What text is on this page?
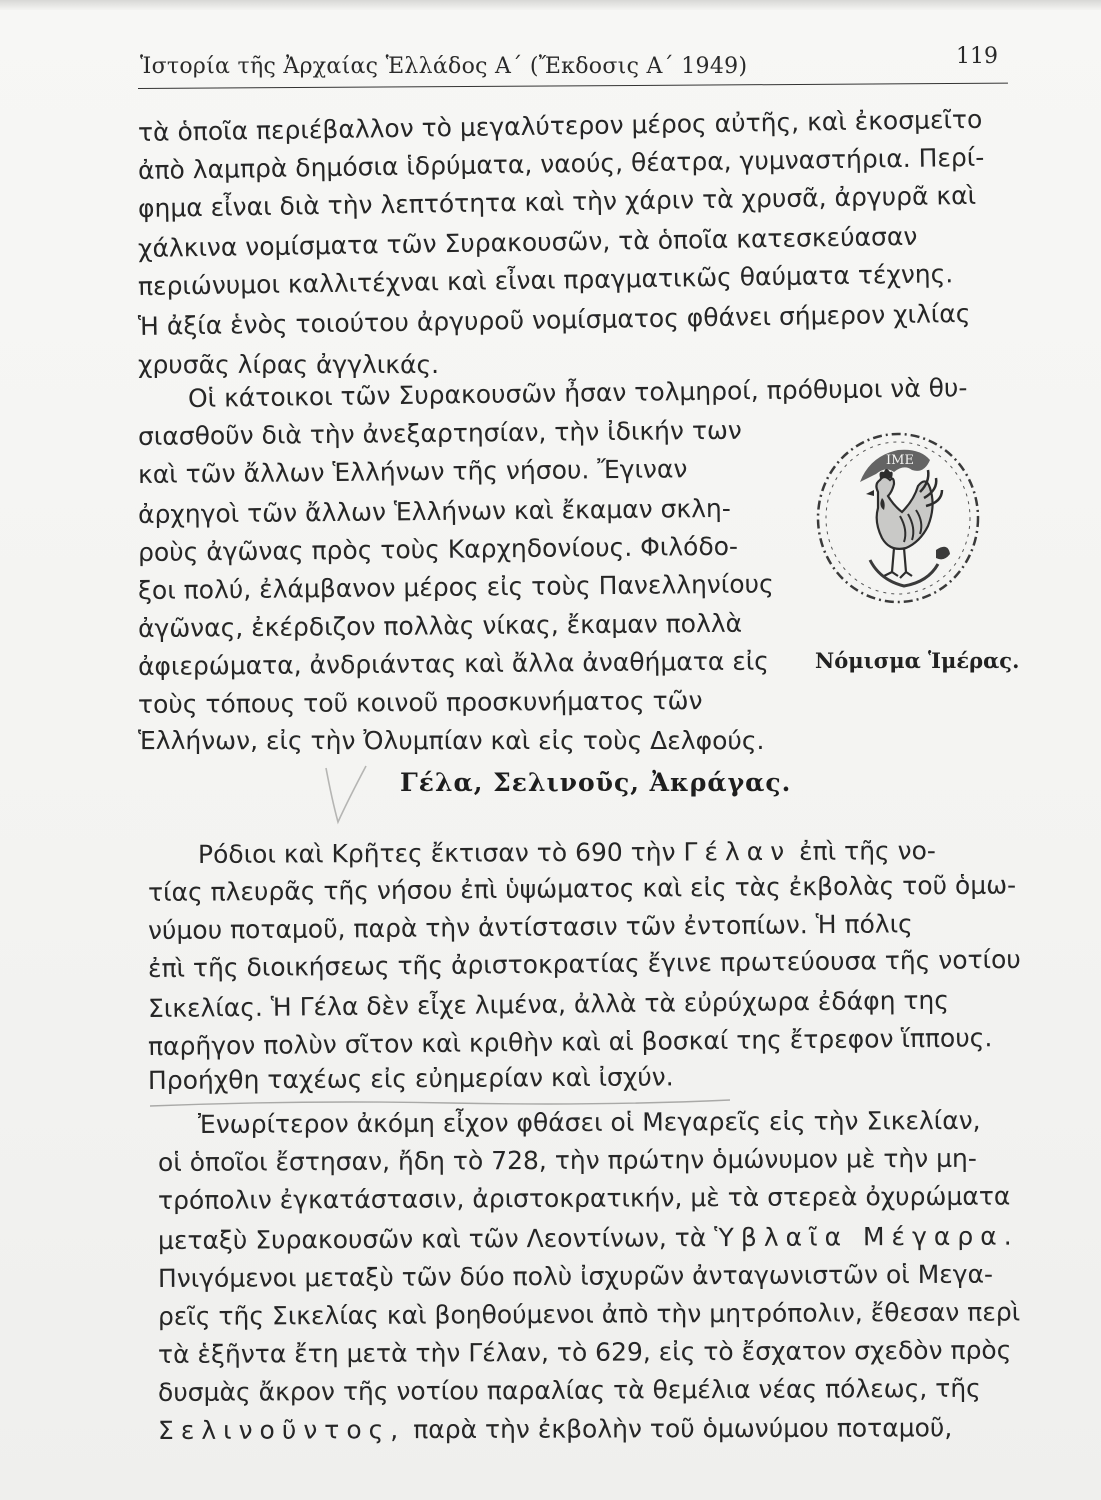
Ἱστορία τῆς Ἀρχαίας Ἑλλάδος Α´ (Ἔκδοσις Α´ 1949)	119
τὰ ὁποῖα περιέβαλλον τὸ μεγαλύτερον μέρος αὐτῆς, καὶ ἐκοσμεῖτο
ἀπὸ λαμπρὰ δημόσια ἱδρύματα, ναούς, θέατρα, γυμναστήρια. Περί-
φημα εἶναι διὰ τὴν λεπτότητα καὶ τὴν χάριν τὰ χρυσᾶ, ἀργυρᾶ καὶ
χάλκινα νομίσματα τῶν Συρακουσῶν, τὰ ὁποῖα κατεσκεύασαν
περιώνυμοι καλλιτέχναι καὶ εἶναι πραγματικῶς θαύματα τέχνης.
Ἡ ἀξία ἑνὸς τοιούτου ἀργυροῦ νομίσματος φθάνει σήμερον χιλίας
χρυσᾶς λίρας ἀγγλικάς.
Οἱ κάτοικοι τῶν Συρακουσῶν ἦσαν τολμηροί, πρόθυμοι νὰ θυ-
σιασθοῦν διὰ τὴν ἀνεξαρτησίαν, τὴν ἰδικήν των
καὶ τῶν ἄλλων Ἑλλήνων τῆς νήσου. Ἔγιναν
ἀρχηγοὶ τῶν ἄλλων Ἑλλήνων καὶ ἔκαμαν σκλη-
ροὺς ἀγῶνας πρὸς τοὺς Καρχηδονίους. Φιλόδο-
ξοι πολύ, ἐλάμβανον μέρος εἰς τοὺς Πανελληνίους
ἀγῶνας, ἐκέρδιζον πολλὰς νίκας, ἔκαμαν πολλὰ
ἀφιερώματα, ἀνδριάντας καὶ ἄλλα ἀναθήματα εἰς
τοὺς τόπους τοῦ κοινοῦ προσκυνήματος τῶν
Ἑλλήνων, εἰς τὴν Ὀλυμπίαν καὶ εἰς τοὺς Δελφούς.
ΙΜΕ
Νόμισμα Ἱμέρας.
Γέλα, Σελινοῦς, Ἀκράγας.
Ρόδιοι καὶ Κρῆτες ἔκτισαν τὸ 690 τὴν Γέλαν ἐπὶ τῆς νο-
τίας πλευρᾶς τῆς νήσου ἐπὶ ὑψώματος καὶ εἰς τὰς ἐκβολὰς τοῦ ὁμω-
νύμου ποταμοῦ, παρὰ τὴν ἀντίστασιν τῶν ἐντοπίων. Ἡ πόλις
ἐπὶ τῆς διοικήσεως τῆς ἀριστοκρατίας ἔγινε πρωτεύουσα τῆς νοτίου
Σικελίας. Ἡ Γέλα δὲν εἶχε λιμένα, ἀλλὰ τὰ εὐρύχωρα ἐδάφη της
παρῆγον πολὺν σῖτον καὶ κριθὴν καὶ αἱ βοσκαί της ἔτρεφον ἵππους.
Προήχθη ταχέως εἰς εὐημερίαν καὶ ἰσχύν.
Ἐνωρίτερον ἀκόμη εἶχον φθάσει οἱ Μεγαρεῖς εἰς τὴν Σικελίαν,
οἱ ὁποῖοι ἔστησαν, ἤδη τὸ 728, τὴν πρώτην ὁμώνυμον μὲ τὴν μη-
τρόπολιν ἐγκατάστασιν, ἀριστοκρατικήν, μὲ τὰ στερεὰ ὀχυρώματα
μεταξὺ Συρακουσῶν καὶ τῶν Λεοντίνων, τὰ Ὑβλαῖα Μέγαρα.
Πνιγόμενοι μεταξὺ τῶν δύο πολὺ ἰσχυρῶν ἀνταγωνιστῶν οἱ Μεγα-
ρεῖς τῆς Σικελίας καὶ βοηθούμενοι ἀπὸ τὴν μητρόπολιν, ἔθεσαν περὶ
τὰ ἑξῆντα ἔτη μετὰ τὴν Γέλαν, τὸ 629, εἰς τὸ ἔσχατον σχεδὸν πρὸς
δυσμὰς ἄκρον τῆς νοτίου παραλίας τὰ θεμέλια νέας πόλεως, τῆς
Σελινοῦντος, παρὰ τὴν ἐκβολὴν τοῦ ὁμωνύμου ποταμοῦ,
